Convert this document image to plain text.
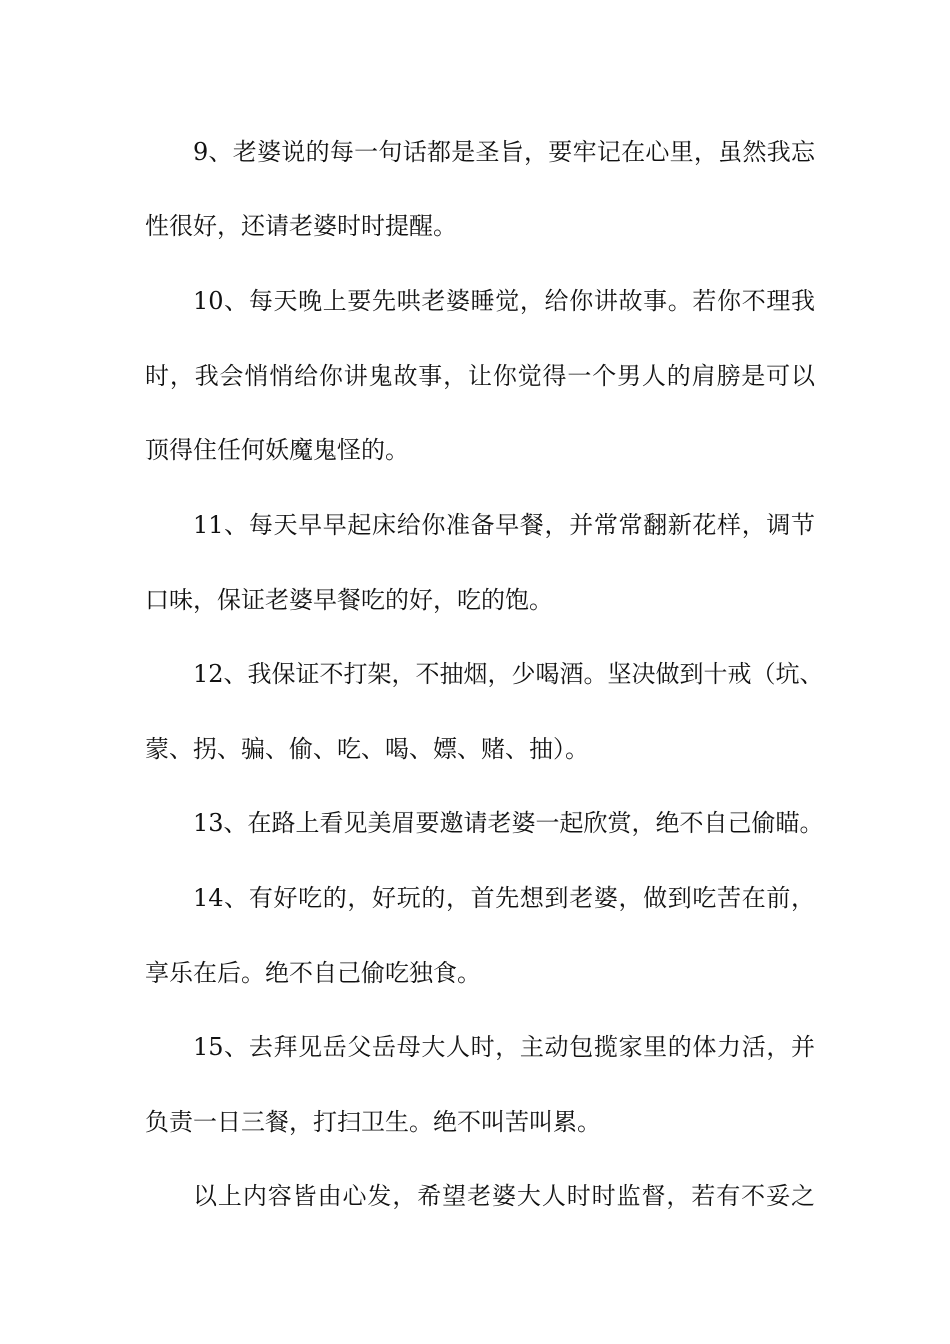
9、老婆说的每一句话都是圣旨，要牢记在心里，虽然我忘
性很好，还请老婆时时提醒。
10、每天晚上要先哄老婆睡觉，给你讲故事。若你不理我
时，我会悄悄给你讲鬼故事，让你觉得一个男人的肩膀是可以
顶得住任何妖魔鬼怪的。
11、每天早早起床给你准备早餐，并常常翻新花样，调节
口味，保证老婆早餐吃的好，吃的饱。
12、我保证不打架，不抽烟，少喝酒。坚决做到十戒（坑、
蒙、拐、骗、偷、吃、喝、嫖、赌、抽）。
13、在路上看见美眉要邀请老婆一起欣赏，绝不自己偷瞄。
14、有好吃的，好玩的，首先想到老婆，做到吃苦在前，
享乐在后。绝不自己偷吃独食。
15、去拜见岳父岳母大人时，主动包揽家里的体力活，并
负责一日三餐，打扫卫生。绝不叫苦叫累。
以上内容皆由心发，希望老婆大人时时监督，若有不妥之
